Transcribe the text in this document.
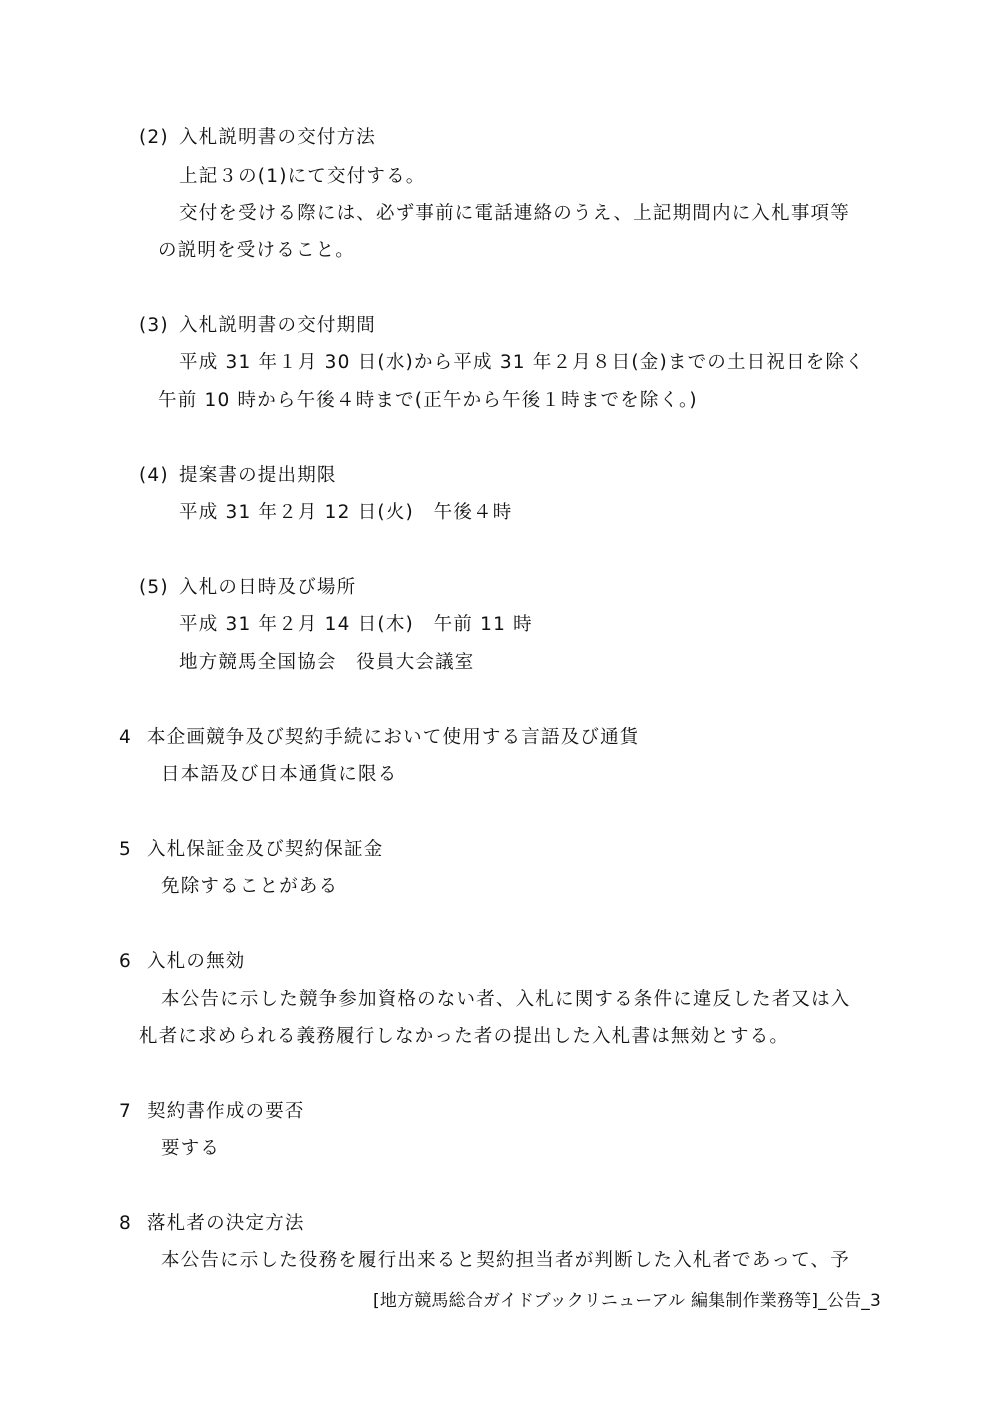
(2) 入札説明書の交付方法
上記３の(1)にて交付する。
交付を受ける際には、必ず事前に電話連絡のうえ、上記期間内に入札事項等
の説明を受けること。
(3) 入札説明書の交付期間
平成 31 年１月 30 日(水)から平成 31 年２月８日(金)までの土日祝日を除く
午前 10 時から午後４時まで(正午から午後１時までを除く。)
(4) 提案書の提出期限
平成 31 年２月 12 日(火)　午後４時
(5) 入札の日時及び場所
平成 31 年２月 14 日(木)　午前 11 時
地方競馬全国協会　役員大会議室
4 本企画競争及び契約手続において使用する言語及び通貨
日本語及び日本通貨に限る
5 入札保証金及び契約保証金
免除することがある
6 入札の無効
本公告に示した競争参加資格のない者、入札に関する条件に違反した者又は入
札者に求められる義務履行しなかった者の提出した入札書は無効とする。
7 契約書作成の要否
要する
8 落札者の決定方法
本公告に示した役務を履行出来ると契約担当者が判断した入札者であって、予
[地方競馬総合ガイドブックリニューアル 編集制作業務等]_公告_3
